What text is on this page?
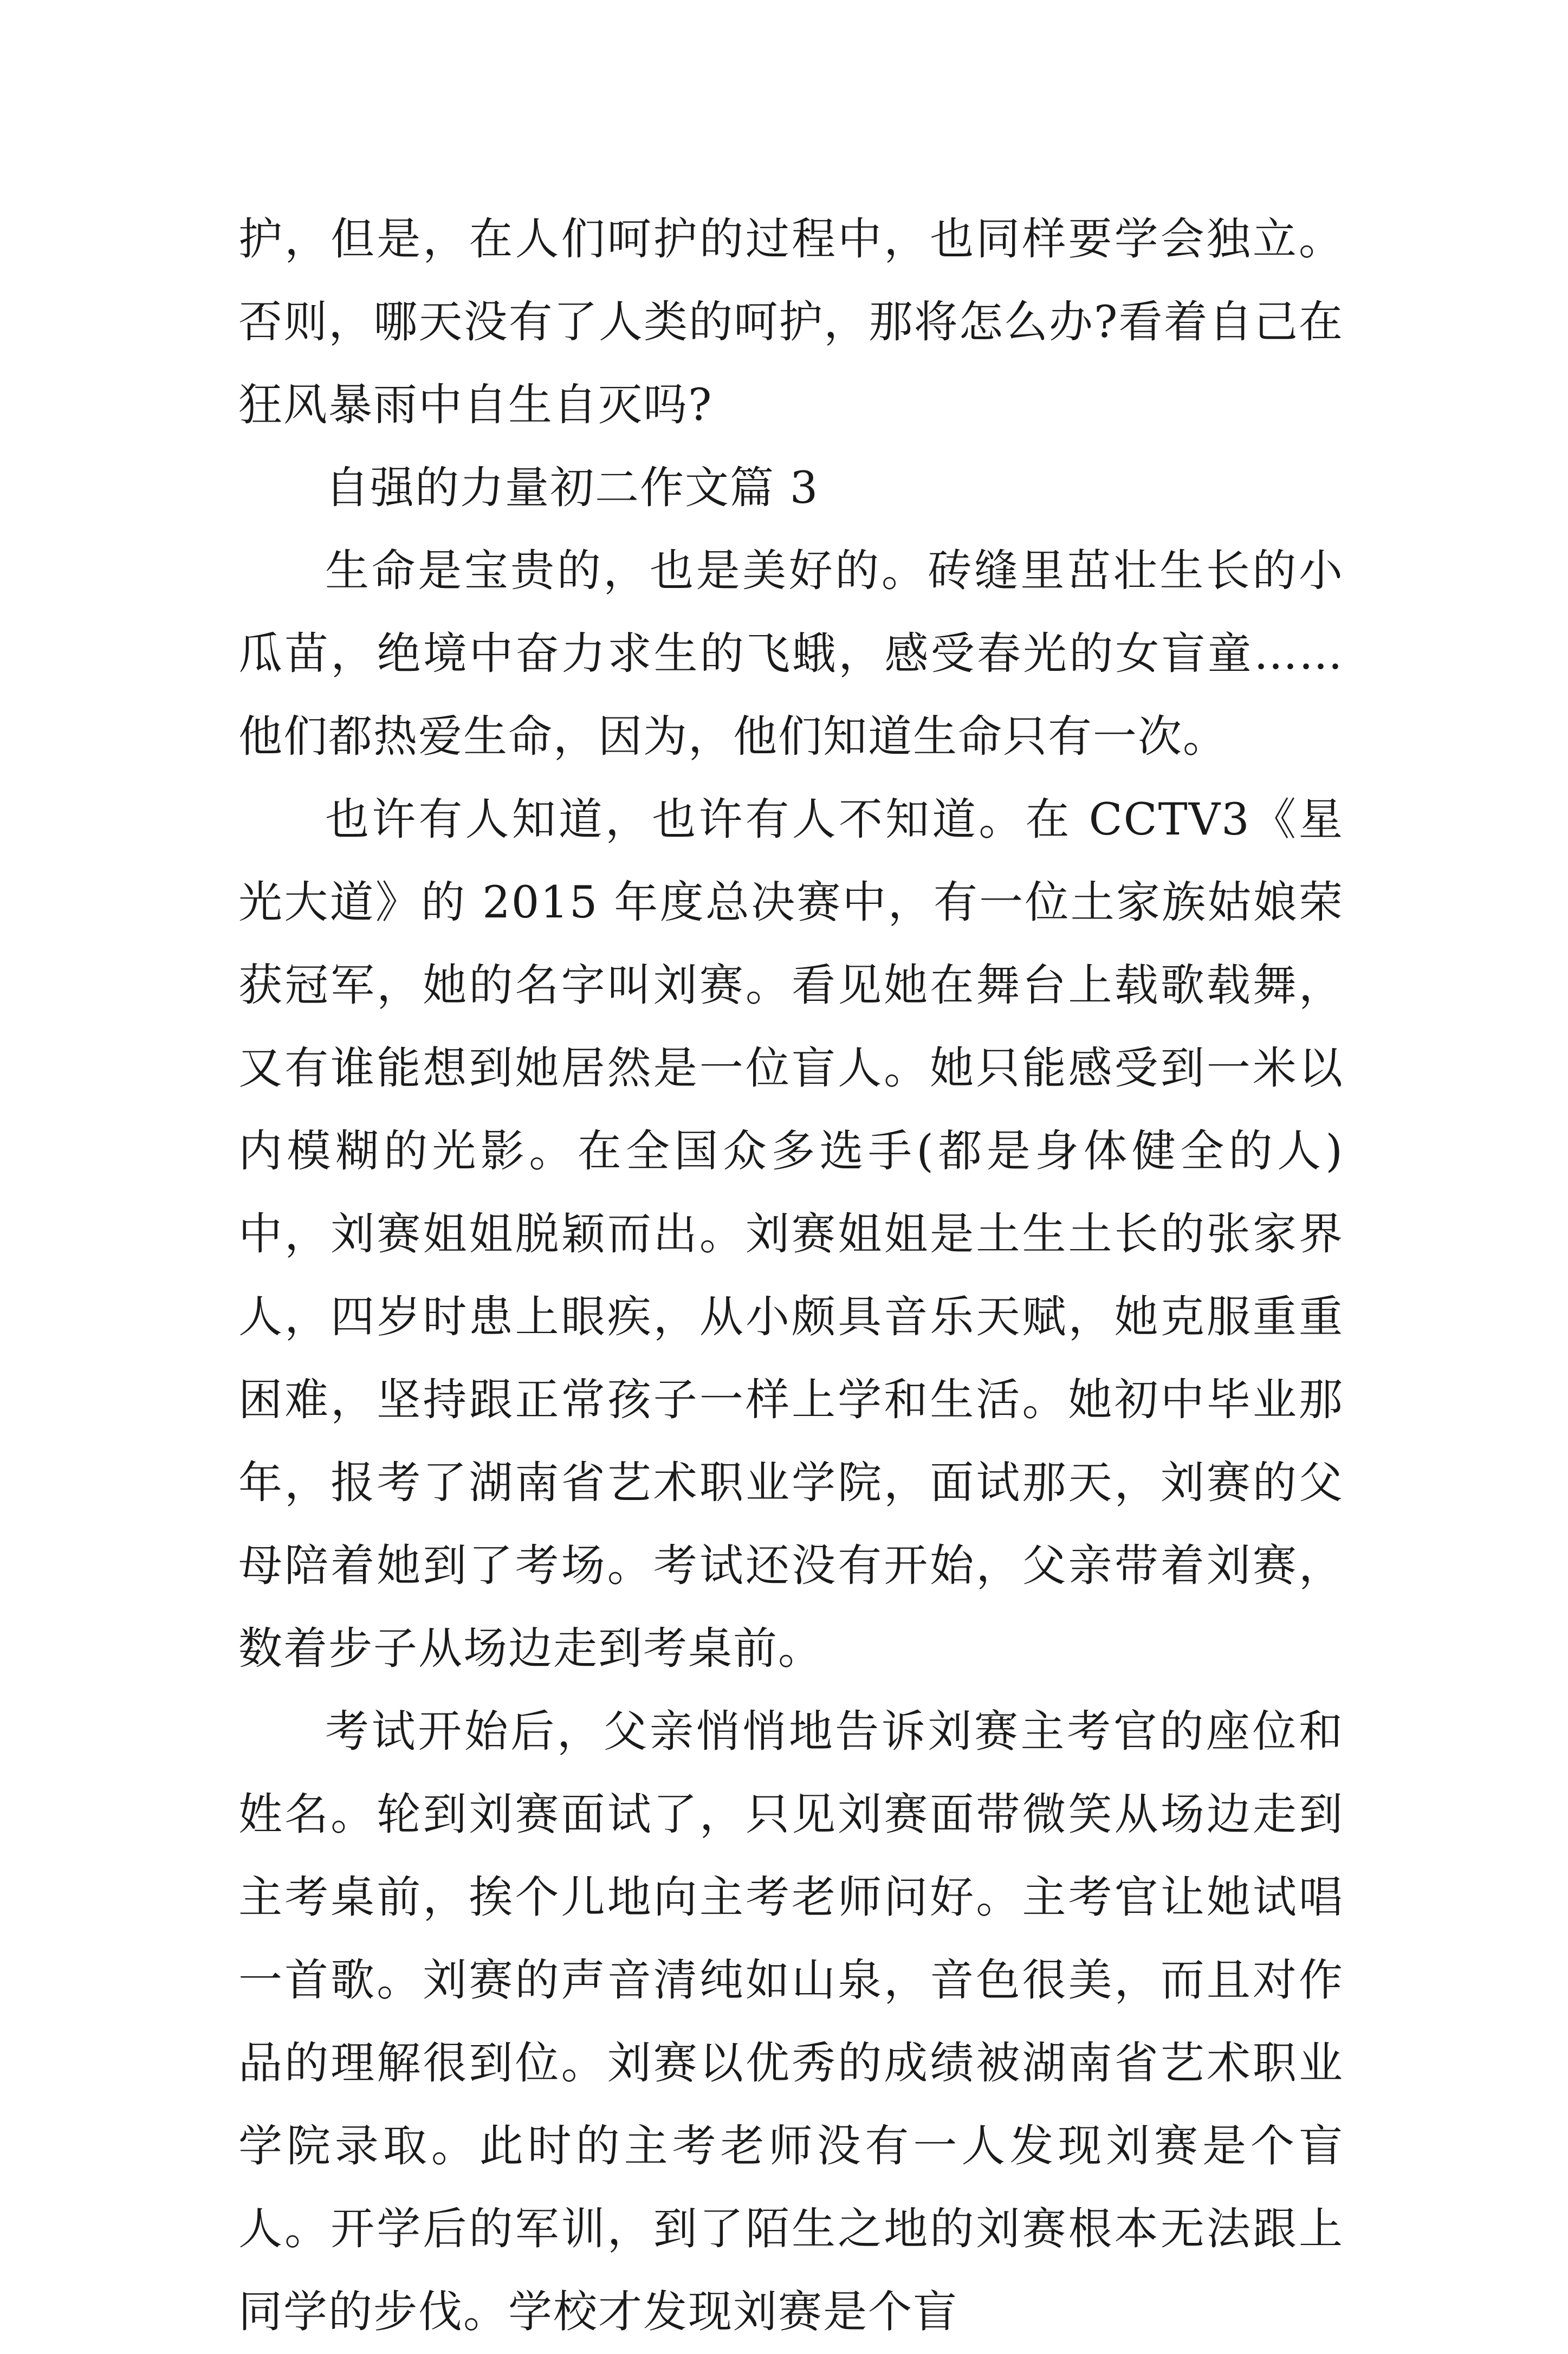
护，但是，在人们呵护的过程中，也同样要学会独立。否则，哪天没有了人类的呵护，那将怎么办?看着自己在狂风暴雨中自生自灭吗?

自强的力量初二作文篇 3

生命是宝贵的，也是美好的。砖缝里茁壮生长的小瓜苗，绝境中奋力求生的飞蛾，感受春光的女盲童……他们都热爱生命，因为，他们知道生命只有一次。

也许有人知道，也许有人不知道。在 CCTV3《星光大道》的 2015 年度总决赛中，有一位土家族姑娘荣获冠军，她的名字叫刘赛。看见她在舞台上载歌载舞，又有谁能想到她居然是一位盲人。她只能感受到一米以内模糊的光影。在全国众多选手(都是身体健全的人)中，刘赛姐姐脱颖而出。刘赛姐姐是土生土长的张家界人，四岁时患上眼疾，从小颇具音乐天赋，她克服重重困难，坚持跟正常孩子一样上学和生活。她初中毕业那年，报考了湖南省艺术职业学院，面试那天，刘赛的父母陪着她到了考场。考试还没有开始，父亲带着刘赛，数着步子从场边走到考桌前。

考试开始后，父亲悄悄地告诉刘赛主考官的座位和姓名。轮到刘赛面试了，只见刘赛面带微笑从场边走到主考桌前，挨个儿地向主考老师问好。主考官让她试唱一首歌。刘赛的声音清纯如山泉，音色很美，而且对作品的理解很到位。刘赛以优秀的成绩被湖南省艺术职业学院录取。此时的主考老师没有一人发现刘赛是个盲人。开学后的军训，到了陌生之地的刘赛根本无法跟上同学的步伐。学校才发现刘赛是个盲
